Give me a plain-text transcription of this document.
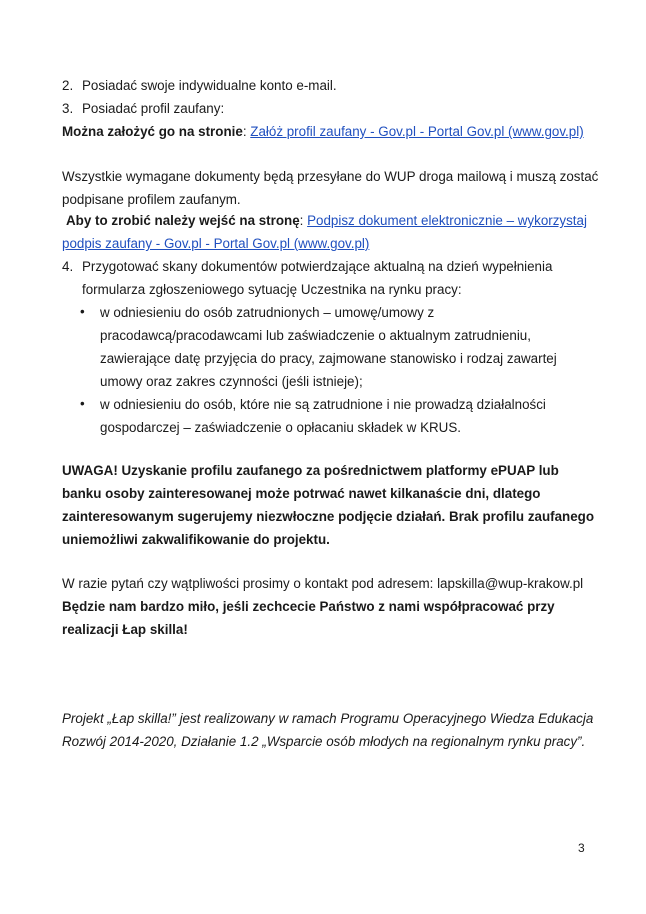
2. Posiadać swoje indywidualne konto e-mail.
3. Posiadać profil zaufany:
Można założyć go na stronie: Załóż profil zaufany - Gov.pl - Portal Gov.pl (www.gov.pl)
Wszystkie wymagane dokumenty będą przesyłane do WUP droga mailową i muszą zostać
podpisane profilem zaufanym.
Aby to zrobić należy wejść na stronę: Podpisz dokument elektronicznie – wykorzystaj
podpis zaufany - Gov.pl - Portal Gov.pl (www.gov.pl)
4. Przygotować skany dokumentów potwierdzające aktualną na dzień wypełnienia
formularza zgłoszeniowego sytuację Uczestnika na rynku pracy:
• w odniesieniu do osób zatrudnionych – umowę/umowy z
pracodawcą/pracodawcami lub zaświadczenie o aktualnym zatrudnieniu,
zawierające datę przyjęcia do pracy, zajmowane stanowisko i rodzaj zawartej
umowy oraz zakres czynności (jeśli istnieje);
• w odniesieniu do osób, które nie są zatrudnione i nie prowadzą działalności
gospodarczej – zaświadczenie o opłacaniu składek w KRUS.
UWAGA! Uzyskanie profilu zaufanego za pośrednictwem platformy ePUAP lub
banku osoby zainteresowanej może potrwać nawet kilkanaście dni, dlatego
zainteresowanym sugerujemy niezwłoczne podjęcie działań. Brak profilu zaufanego
uniemożliwi zakwalifikowanie do projektu.
W razie pytań czy wątpliwości prosimy o kontakt pod adresem: lapskilla@wup-krakow.pl
Będzie nam bardzo miło, jeśli zechcecie Państwo z nami współpracować przy
realizacji Łap skilla!
Projekt „Łap skilla!” jest realizowany w ramach Programu Operacyjnego Wiedza Edukacja
Rozwój 2014-2020, Działanie 1.2 „Wsparcie osób młodych na regionalnym rynku pracy”.
3
